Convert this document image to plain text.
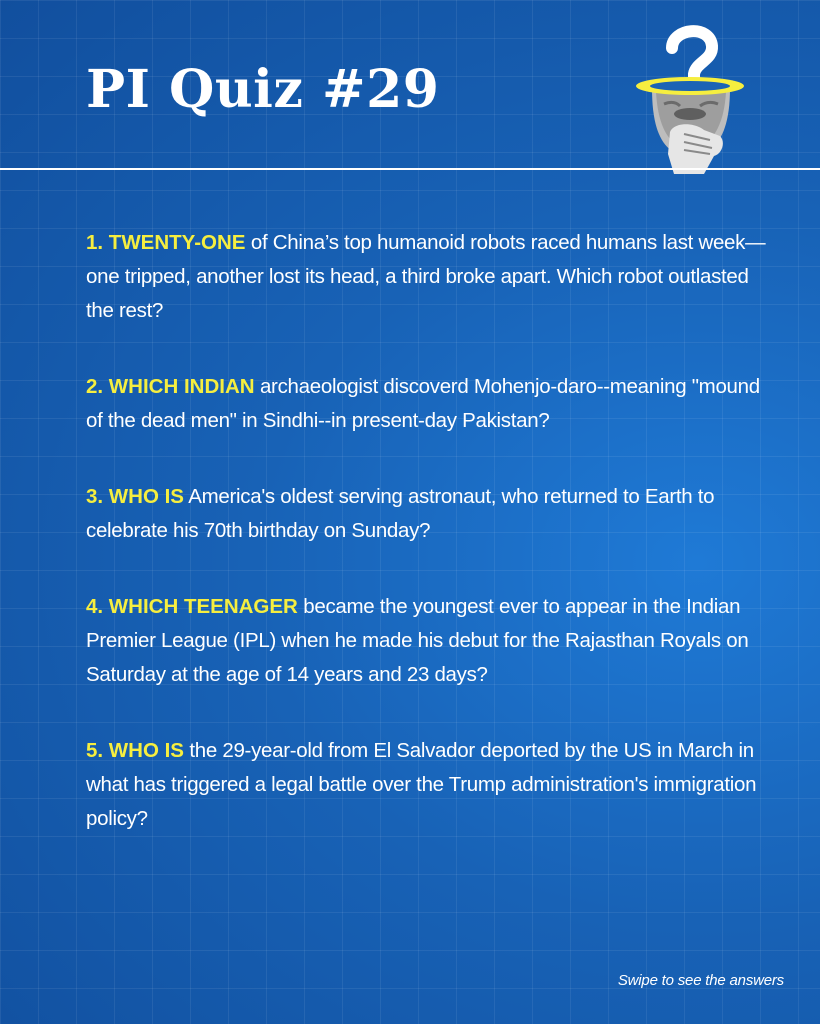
PI Quiz #29
1. TWENTY-ONE of China’s top humanoid robots raced humans last week—one tripped, another lost its head, a third broke apart. Which robot outlasted the rest?
2. WHICH INDIAN archaeologist discoverd Mohenjo-daro--meaning "mound of the dead men" in Sindhi--in present-day Pakistan?
3. WHO IS America's oldest serving astronaut, who returned to Earth to celebrate his 70th birthday on Sunday?
4. WHICH TEENAGER became the youngest ever to appear in the Indian Premier League (IPL) when he made his debut for the Rajasthan Royals on Saturday at the age of 14 years and 23 days?
5. WHO IS the 29-year-old from El Salvador deported by the US in March in what has triggered a legal battle over the Trump administration's immigration policy?
Swipe to see the answers
